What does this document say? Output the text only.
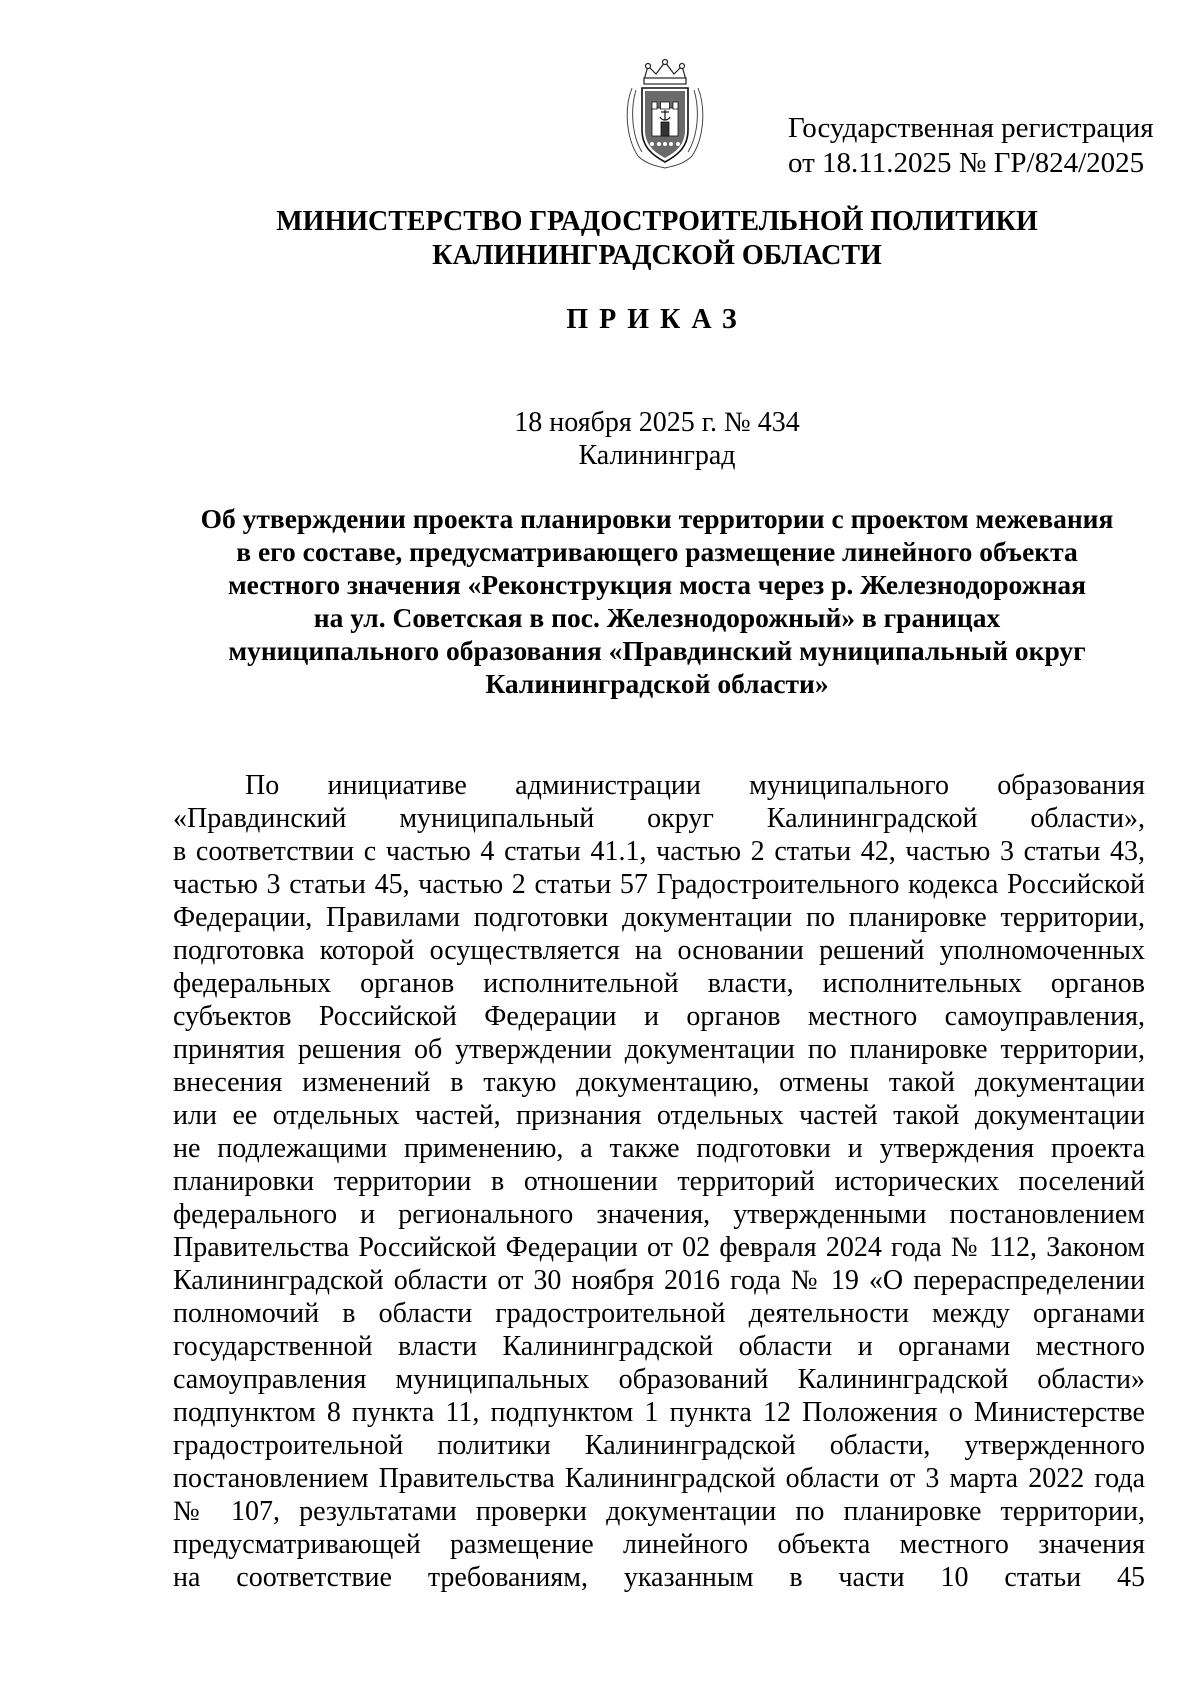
Государственная регистрация
от 18.11.2025 № ГР/824/2025
МИНИСТЕРСТВО ГРАДОСТРОИТЕЛЬНОЙ ПОЛИТИКИ
КАЛИНИНГРАДСКОЙ ОБЛАСТИ
ПРИКАЗ
18 ноября 2025 г. № 434
Калининград
Об утверждении проекта планировки территории с проектом межевания
в его составе, предусматривающего размещение линейного объекта
местного значения «Реконструкция моста через р. Железнодорожная
на ул. Советская в пос. Железнодорожный» в границах
муниципального образования «Правдинский муниципальный округ
Калининградской области»
По инициативе администрации муниципального образования
«Правдинский муниципальный округ Калининградской области»,
в соответствии с частью 4 статьи 41.1, частью 2 статьи 42, частью 3 статьи 43,
частью 3 статьи 45, частью 2 статьи 57 Градостроительного кодекса Российской
Федерации, Правилами подготовки документации по планировке территории,
подготовка которой осуществляется на основании решений уполномоченных
федеральных органов исполнительной власти, исполнительных органов
субъектов Российской Федерации и органов местного самоуправления,
принятия решения об утверждении документации по планировке территории,
внесения изменений в такую документацию, отмены такой документации
или ее отдельных частей, признания отдельных частей такой документации
не подлежащими применению, а также подготовки и утверждения проекта
планировки территории в отношении территорий исторических поселений
федерального и регионального значения, утвержденными постановлением
Правительства Российской Федерации от 02 февраля 2024 года № 112, Законом
Калининградской области от 30 ноября 2016 года № 19 «О перераспределении
полномочий в области градостроительной деятельности между органами
государственной власти Калининградской области и органами местного
самоуправления муниципальных образований Калининградской области»
подпунктом 8 пункта 11, подпунктом 1 пункта 12 Положения о Министерстве
градостроительной политики Калининградской области, утвержденного
постановлением Правительства Калининградской области от 3 марта 2022 года
№ 107, результатами проверки документации по планировке территории,
предусматривающей размещение линейного объекта местного значения
на соответствие требованиям, указанным в части 10 статьи 45
